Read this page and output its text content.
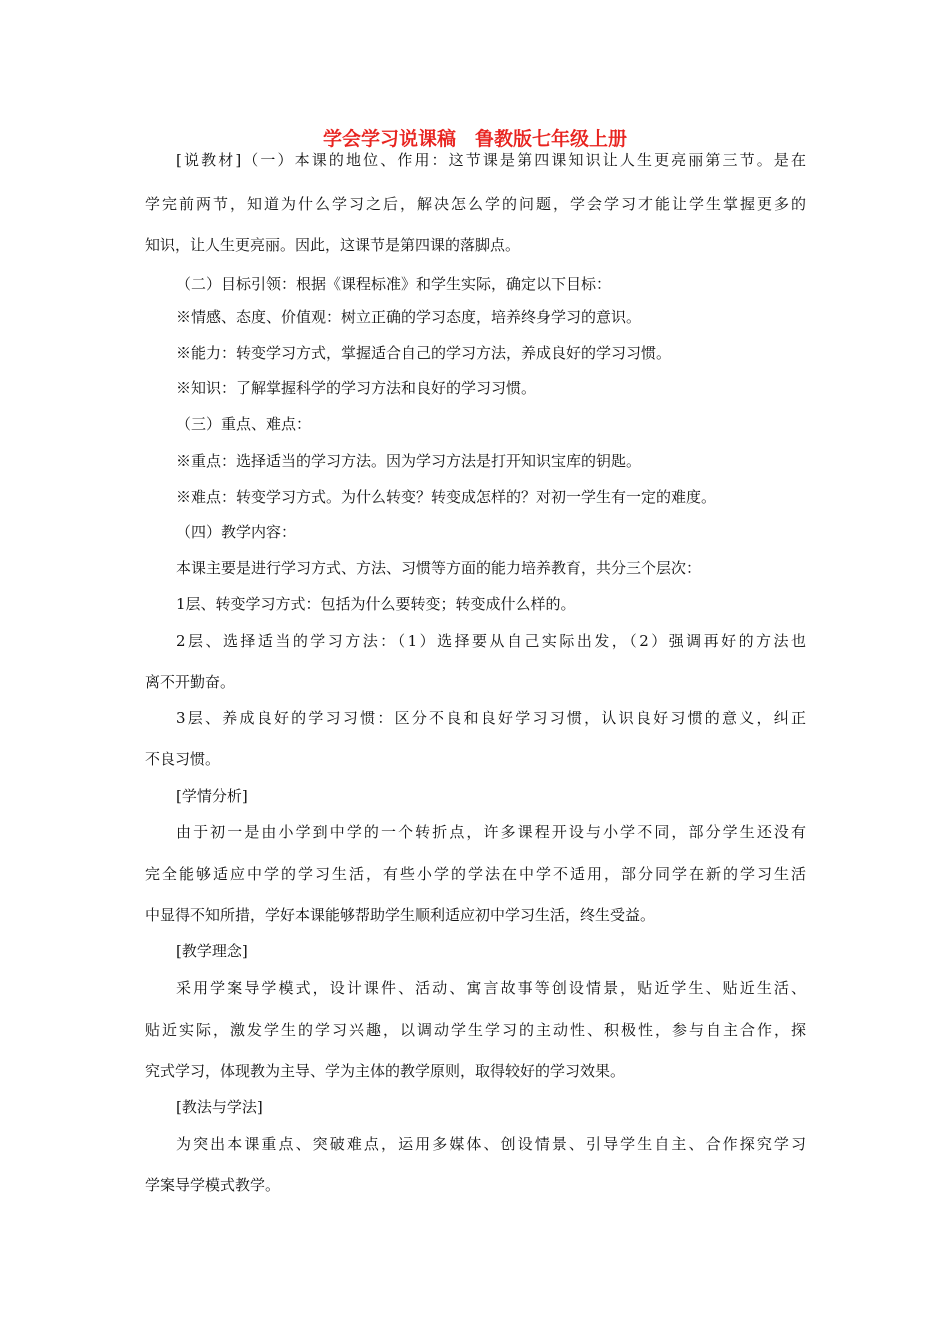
学会学习说课稿　鲁教版七年级上册
[说教材]（一）本课的地位、作用：这节课是第四课知识让人生更亮丽第三节。是在
学完前两节，知道为什么学习之后，解决怎么学的问题，学会学习才能让学生掌握更多的
知识，让人生更亮丽。因此，这课节是第四课的落脚点。
（二）目标引领：根据《课程标准》和学生实际，确定以下目标：
※情感、态度、价值观：树立正确的学习态度，培养终身学习的意识。
※能力：转变学习方式，掌握适合自己的学习方法，养成良好的学习习惯。
※知识：了解掌握科学的学习方法和良好的学习习惯。
（三）重点、难点：
※重点：选择适当的学习方法。因为学习方法是打开知识宝库的钥匙。
※难点：转变学习方式。为什么转变？转变成怎样的？对初一学生有一定的难度。
（四）教学内容：
本课主要是进行学习方式、方法、习惯等方面的能力培养教育，共分三个层次：
1层、转变学习方式：包括为什么要转变；转变成什么样的。
2层、选择适当的学习方法：（1）选择要从自己实际出发，（2）强调再好的方法也
离不开勤奋。
3层、养成良好的学习习惯：区分不良和良好学习习惯，认识良好习惯的意义，纠正
不良习惯。
[学情分析]
由于初一是由小学到中学的一个转折点，许多课程开设与小学不同，部分学生还没有
完全能够适应中学的学习生活，有些小学的学法在中学不适用，部分同学在新的学习生活
中显得不知所措，学好本课能够帮助学生顺利适应初中学习生活，终生受益。
[教学理念]
采用学案导学模式，设计课件、活动、寓言故事等创设情景，贴近学生、贴近生活、
贴近实际，激发学生的学习兴趣，以调动学生学习的主动性、积极性，参与自主合作，探
究式学习，体现教为主导、学为主体的教学原则，取得较好的学习效果。
[教法与学法]
为突出本课重点、突破难点，运用多媒体、创设情景、引导学生自主、合作探究学习
学案导学模式教学。
